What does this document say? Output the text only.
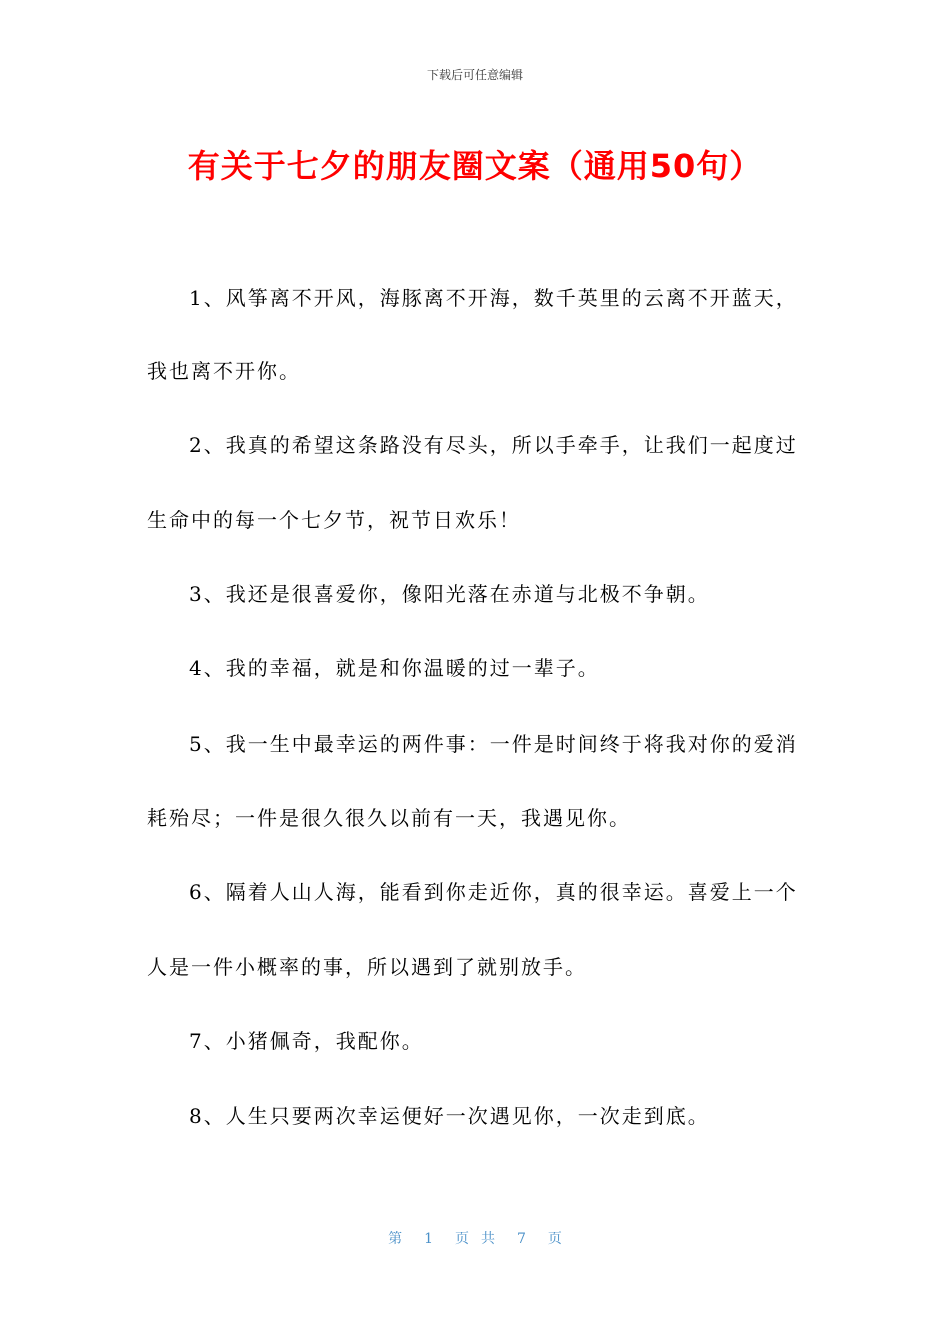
下载后可任意编辑
有关于七夕的朋友圈文案（通用50句）
1、风筝离不开风，海豚离不开海，数千英里的云离不开蓝天，
我也离不开你。
2、我真的希望这条路没有尽头，所以手牵手，让我们一起度过
生命中的每一个七夕节，祝节日欢乐！
3、我还是很喜爱你，像阳光落在赤道与北极不争朝。
4、我的幸福，就是和你温暖的过一辈子。
5、我一生中最幸运的两件事：一件是时间终于将我对你的爱消
耗殆尽；一件是很久很久以前有一天，我遇见你。
6、隔着人山人海，能看到你走近你，真的很幸运。喜爱上一个
人是一件小概率的事，所以遇到了就别放手。
7、小猪佩奇，我配你。
8、人生只要两次幸运便好一次遇见你，一次走到底。
第 1 页共 7 页
